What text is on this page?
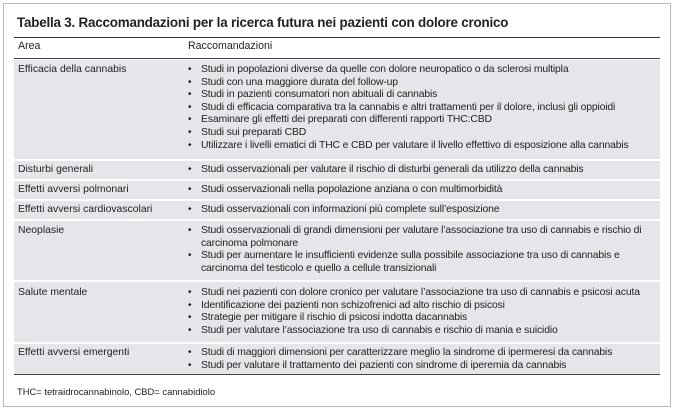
Tabella 3. Raccomandazioni per la ricerca futura nei pazienti con dolore cronico
Area	Raccomandazioni
Efficacia della cannabis	• Studi in popolazioni diverse da quelle con dolore neuropatico o da sclerosi multipla
• Studi con una maggiore durata del follow-up
• Studi in pazienti consumatori non abituali di cannabis
• Studi di efficacia comparativa tra la cannabis e altri trattamenti per il dolore, inclusi gli oppioidi
• Esaminare gli effetti dei preparati con differenti rapporti THC:CBD
• Studi sui preparati CBD
• Utilizzare i livelli ematici di THC e CBD per valutare il livello effettivo di esposizione alla cannabis
Disturbi generali	• Studi osservazionali per valutare il rischio di disturbi generali da utilizzo della cannabis
Effetti avversi polmonari	• Studi osservazionali nella popolazione anziana o con multimorbidità
Effetti avversi cardiovascolari	• Studi osservazionali con informazioni più complete sull’esposizione
Neoplasie	• Studi osservazionali di grandi dimensioni per valutare l’associazione tra uso di cannabis e rischio di carcinoma polmonare
• Studi per aumentare le insufficienti evidenze sulla possibile associazione tra uso di cannabis e carcinoma del testicolo e quello a cellule transizionali
Salute mentale	• Studi nei pazienti con dolore cronico per valutare l’associazione tra uso di cannabis e psicosi acuta
• Identificazione dei pazienti non schizofrenici ad alto rischio di psicosi
• Strategie per mitigare il rischio di psicosi indotta dacannabis
• Studi per valutare l’associazione tra uso di cannabis e rischio di mania e suicidio
Effetti avversi emergenti	• Studi di maggiori dimensioni per caratterizzare meglio la sindrome di ipermeresi da cannabis
• Studi per valutare il trattamento dei pazienti con sindrome di iperemia da cannabis
THC= tetraidrocannabinolo, CBD= cannabidiolo
